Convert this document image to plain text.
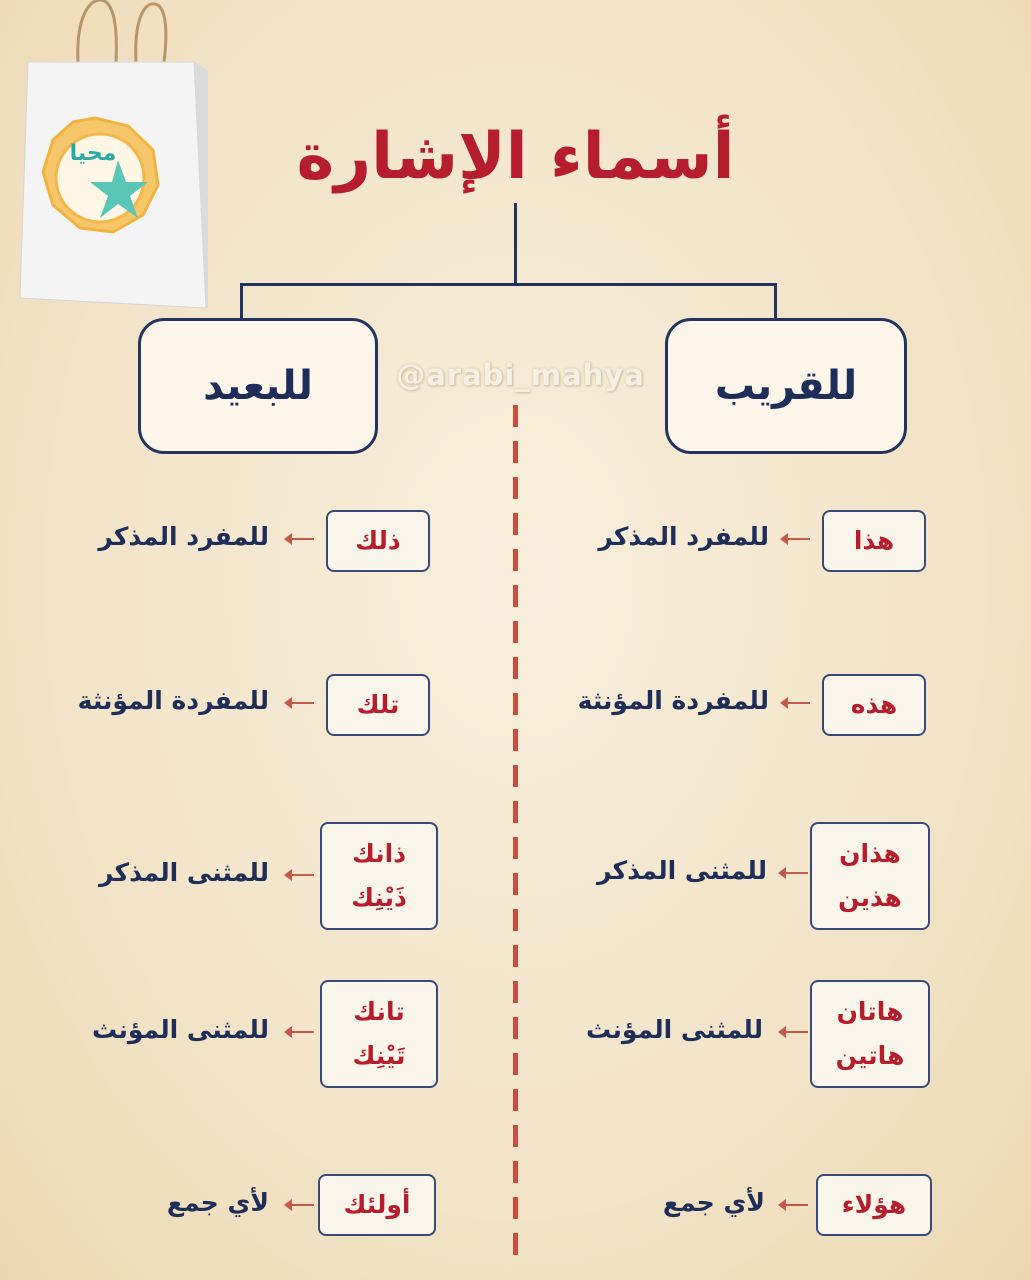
محيا	أسماء الإشارة
للبعيد	للقريب
@arabi_mahya
هذا
للمفرد المذكر
هذه
للمفردة المؤنثة
هذان
هذين
للمثنى المذكر
هاتان
هاتين
للمثنى المؤنث
هؤلاء
لأي جمع
ذلك
للمفرد المذكر
تلك
للمفردة المؤنثة
ذانك
ذَيْنِك
للمثنى المذكر
تانك
تَيْنِك
للمثنى المؤنث
أولئك
لأي جمع
